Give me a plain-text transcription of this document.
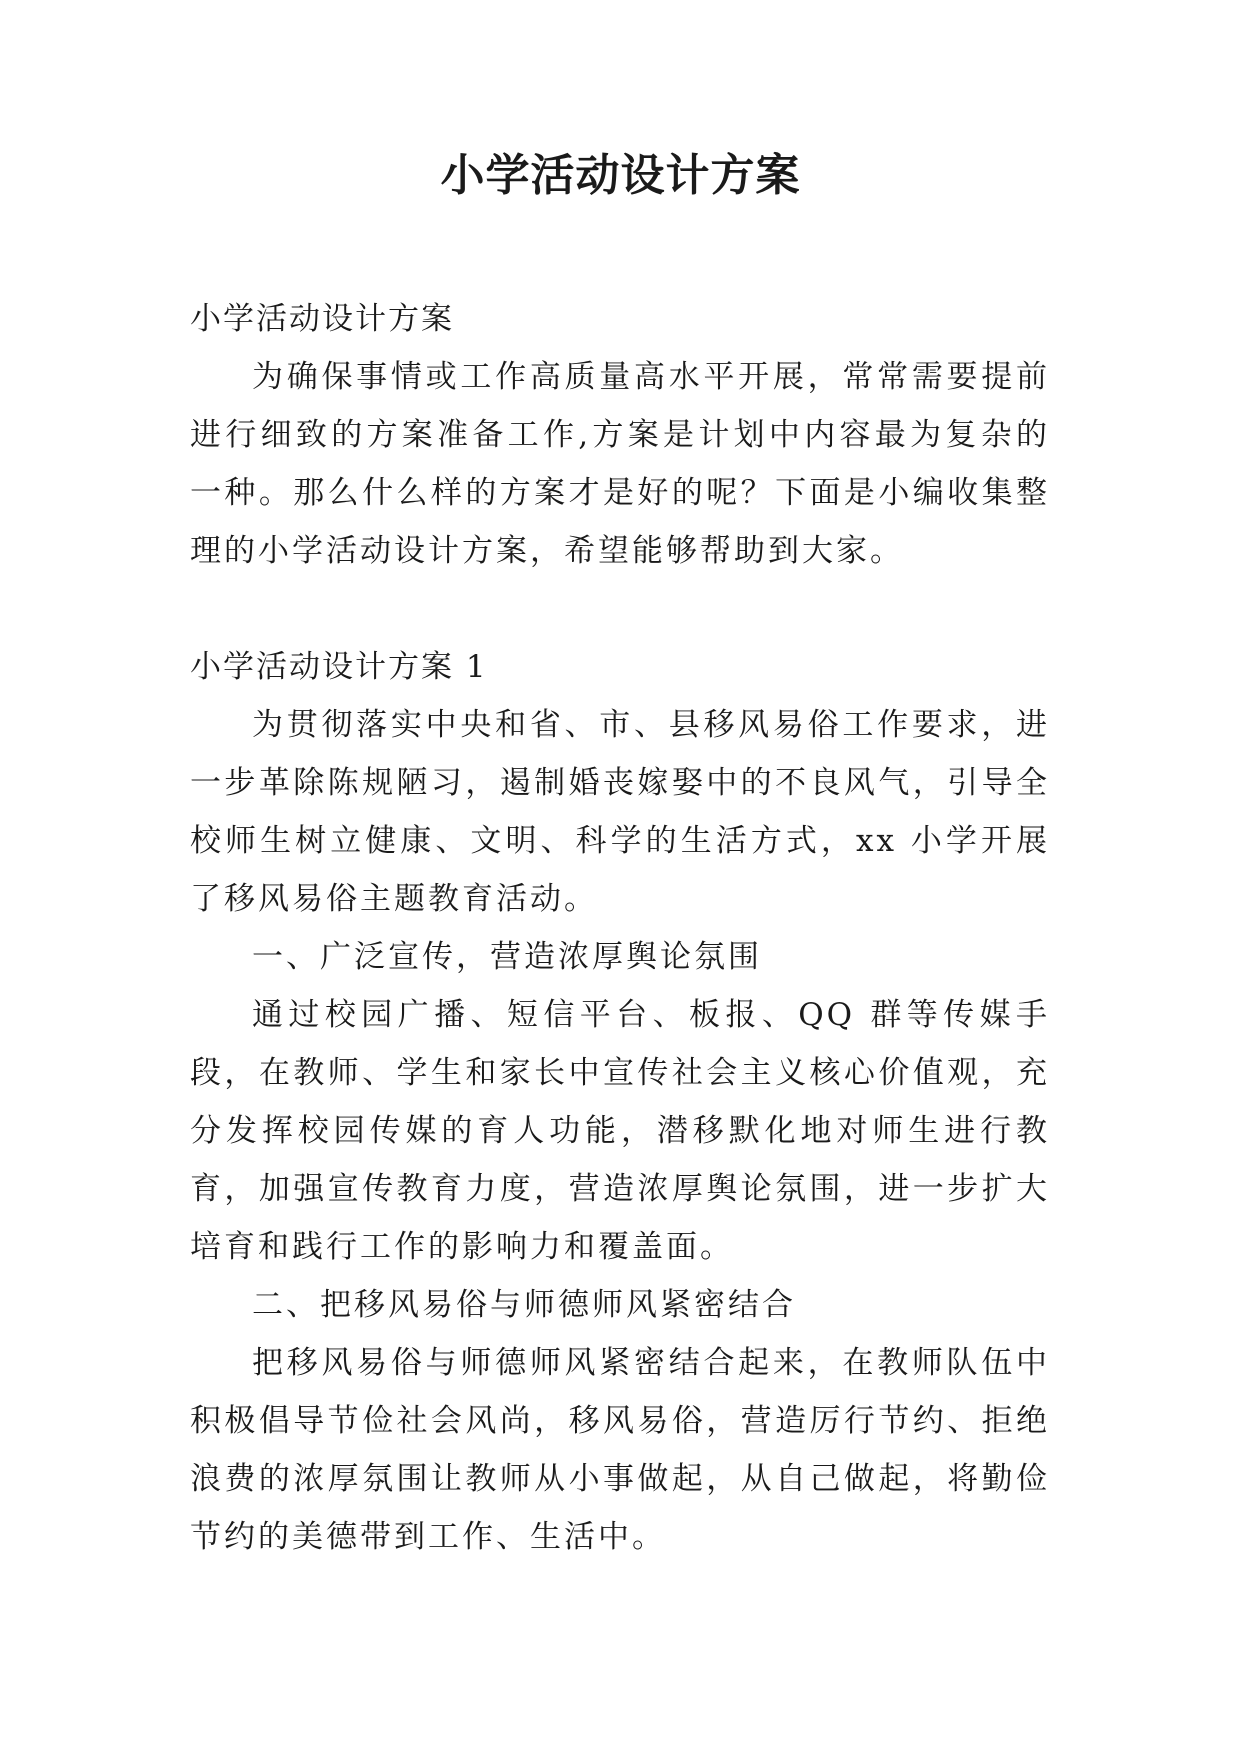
小学活动设计方案

小学活动设计方案

为确保事情或工作高质量高水平开展，常常需要提前进行细致的方案准备工作,方案是计划中内容最为复杂的一种。那么什么样的方案才是好的呢？下面是小编收集整理的小学活动设计方案，希望能够帮助到大家。

小学活动设计方案 1

为贯彻落实中央和省、市、县移风易俗工作要求，进一步革除陈规陋习，遏制婚丧嫁娶中的不良风气，引导全校师生树立健康、文明、科学的生活方式，xx 小学开展了移风易俗主题教育活动。

一、广泛宣传，营造浓厚舆论氛围

通过校园广播、短信平台、板报、QQ 群等传媒手段，在教师、学生和家长中宣传社会主义核心价值观，充分发挥校园传媒的育人功能，潜移默化地对师生进行教育，加强宣传教育力度，营造浓厚舆论氛围，进一步扩大培育和践行工作的影响力和覆盖面。

二、把移风易俗与师德师风紧密结合

把移风易俗与师德师风紧密结合起来，在教师队伍中积极倡导节俭社会风尚，移风易俗，营造厉行节约、拒绝浪费的浓厚氛围让教师从小事做起，从自己做起，将勤俭节约的美德带到工作、生活中。
